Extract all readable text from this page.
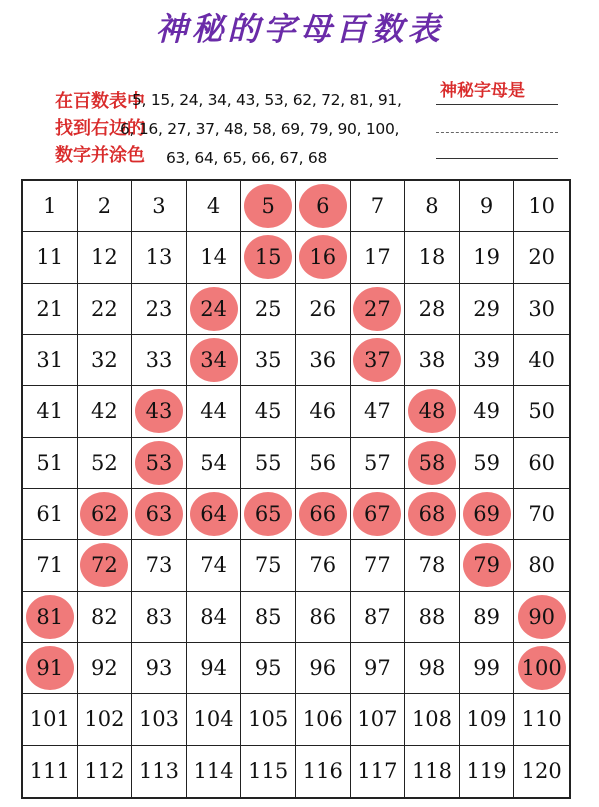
神秘的字母百数表
在百数表中
找到右边的
数字并涂色
5, 15, 24, 34, 43, 53, 62, 72, 81, 91,
6, 16, 27, 37, 48, 58, 69, 79, 90, 100,
63, 64, 65, 66, 67, 68
神秘字母是
1 2 3 4 5 6 7 8 9 10
11 12 13 14 15 16 17 18 19 20
21 22 23 24 25 26 27 28 29 30
31 32 33 34 35 36 37 38 39 40
41 42 43 44 45 46 47 48 49 50
51 52 53 54 55 56 57 58 59 60
61 62 63 64 65 66 67 68 69 70
71 72 73 74 75 76 77 78 79 80
81 82 83 84 85 86 87 88 89 90
91 92 93 94 95 96 97 98 99 100
101 102 103 104 105 106 107 108 109 110
111 112 113 114 115 116 117 118 119 120
